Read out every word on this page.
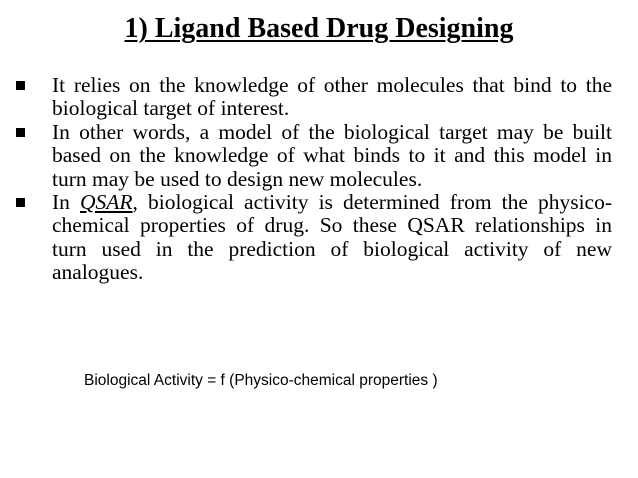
1) Ligand Based Drug Designing
It relies on the knowledge of other molecules that bind to the biological target of interest.
In other words, a model of the biological target may be built based on the knowledge of what binds to it and this model in turn may be used to design new molecules.
In QSAR, biological activity is determined from the physico-chemical properties of drug. So these QSAR relationships in turn used in the prediction of biological activity of new analogues.
Biological Activity = f (Physico-chemical properties )
